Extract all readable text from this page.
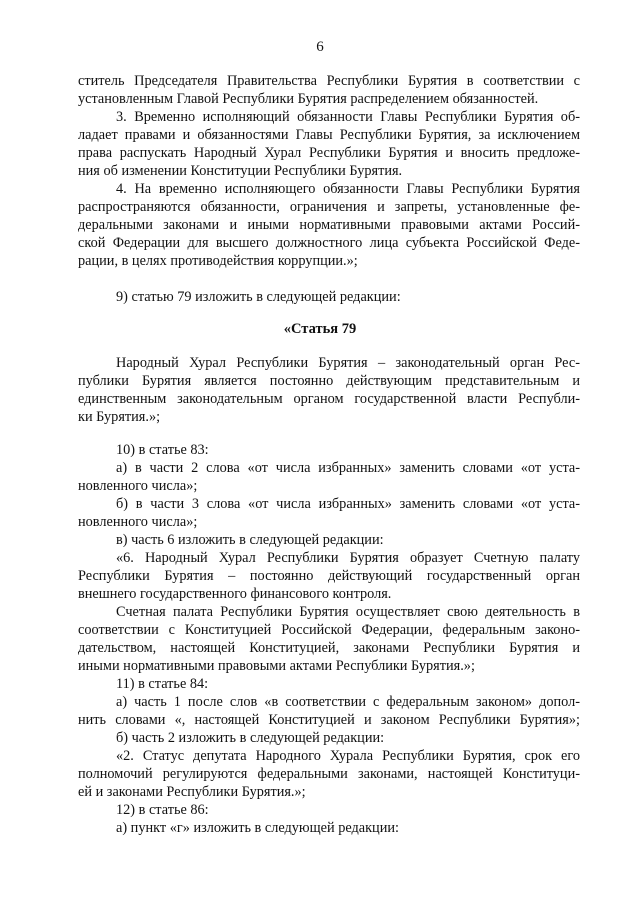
6
ститель Председателя Правительства Республики Бурятия в соответствии с
установленным Главой Республики Бурятия распределением обязанностей.
3. Временно исполняющий обязанности Главы Республики Бурятия об-
ладает правами и обязанностями Главы Республики Бурятия, за исключением
права распускать Народный Хурал Республики Бурятия и вносить предложе-
ния об изменении Конституции Республики Бурятия.
4. На временно исполняющего обязанности Главы Республики Бурятия
распространяются обязанности, ограничения и запреты, установленные фе-
деральными законами и иными нормативными правовыми актами Россий-
ской Федерации для высшего должностного лица субъекта Российской Феде-
рации, в целях противодействия коррупции.»;
9) статью 79 изложить в следующей редакции:
«Статья 79
Народный Хурал Республики Бурятия – законодательный орган Рес-
публики Бурятия является постоянно действующим представительным и
единственным законодательным органом государственной власти Республи-
ки Бурятия.»;
10) в статье 83:
а) в части 2 слова «от числа избранных» заменить словами «от уста-
новленного числа»;
б) в части 3 слова «от числа избранных» заменить словами «от уста-
новленного числа»;
в) часть 6 изложить в следующей редакции:
«6. Народный Хурал Республики Бурятия образует Счетную палату
Республики Бурятия – постоянно действующий государственный орган
внешнего государственного финансового контроля.
Счетная палата Республики Бурятия осуществляет свою деятельность в
соответствии с Конституцией Российской Федерации, федеральным законо-
дательством, настоящей Конституцией, законами Республики Бурятия и
иными нормативными правовыми актами Республики Бурятия.»;
11) в статье 84:
а) часть 1 после слов «в соответствии с федеральным законом» допол-
нить словами «, настоящей Конституцией и законом Республики Бурятия»;
б) часть 2 изложить в следующей редакции:
«2. Статус депутата Народного Хурала Республики Бурятия, срок его
полномочий регулируются федеральными законами, настоящей Конституци-
ей и законами Республики Бурятия.»;
12) в статье 86:
а) пункт «г» изложить в следующей редакции:
